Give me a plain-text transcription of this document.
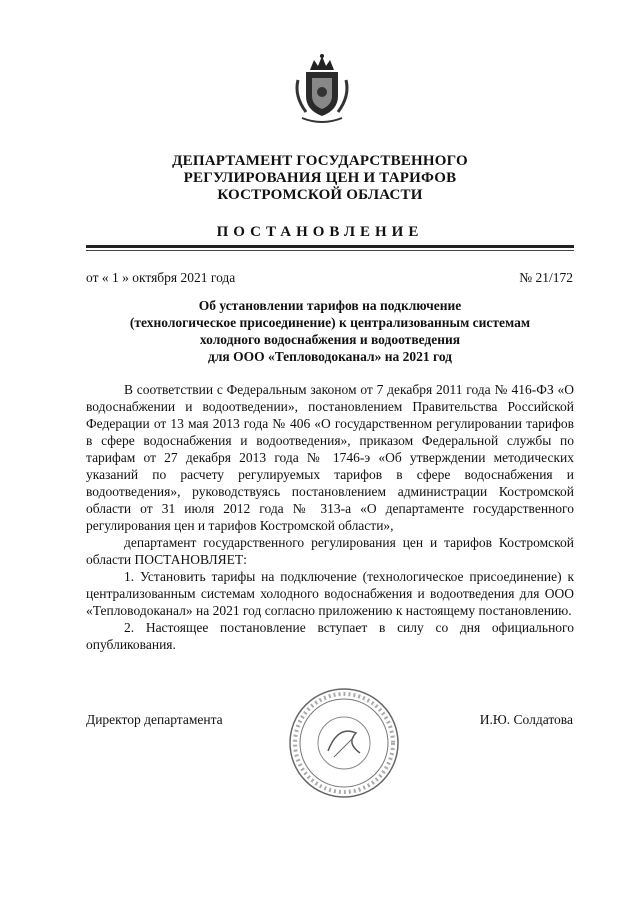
ДЕПАРТАМЕНТ ГОСУДАРСТВЕННОГО
РЕГУЛИРОВАНИЯ ЦЕН И ТАРИФОВ
КОСТРОМСКОЙ ОБЛАСТИ
ПОСТАНОВЛЕНИЕ
от « 1 » октября 2021 года	№ 21/172
Об установлении тарифов на подключение
(технологическое присоединение) к централизованным системам
холодного водоснабжения и водоотведения
для ООО «Тепловодоканал» на 2021 год

В соответствии с Федеральным законом от 7 декабря 2011 года № 416-ФЗ «О водоснабжении и водоотведении», постановлением Правительства Российской Федерации от 13 мая 2013 года № 406 «О государственном регулировании тарифов в сфере водоснабжения и водоотведения», приказом Федеральной службы по тарифам от 27 декабря 2013 года № 1746-э «Об утверждении методических указаний по расчету регулируемых тарифов в сфере водоснабжения и водоотведения», руководствуясь постановлением администрации Костромской области от 31 июля 2012 года № 313-а «О департаменте государственного регулирования цен и тарифов Костромской области»,

департамент государственного регулирования цен и тарифов Костромской области ПОСТАНОВЛЯЕТ:

1. Установить тарифы на подключение (технологическое присоединение) к централизованным системам холодного водоснабжения и водоотведения для ООО «Тепловодоканал» на 2021 год согласно приложению к настоящему постановлению.

2. Настоящее постановление вступает в силу со дня официального опубликования.

Директор департамента	И.Ю. Солдатова
